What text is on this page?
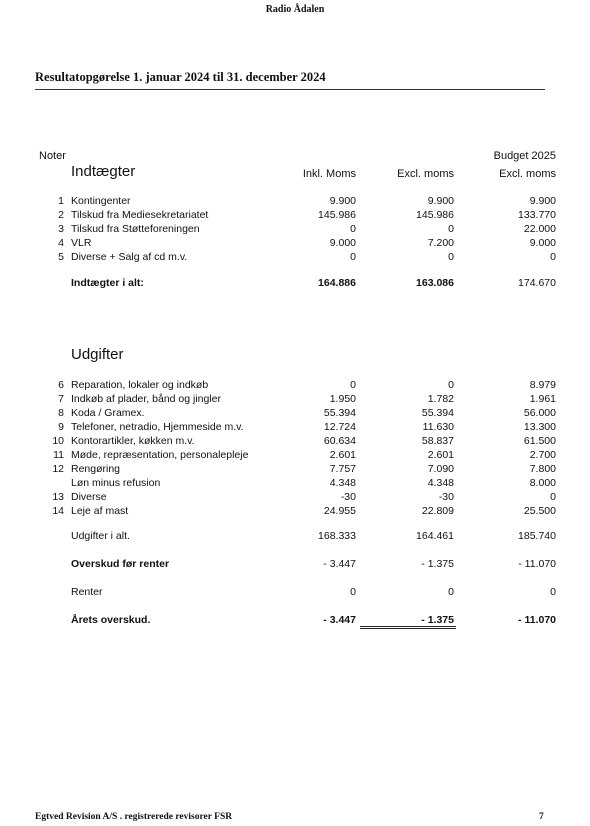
Radio Ådalen
Resultatopgørelse 1. januar 2024 til 31. december 2024
Noter	Budget 2025
Indtægter	Inkl. Moms	Excl. moms	Excl. moms
1 Kontingenter	9.900	9.900	9.900
2 Tilskud fra Mediesekretariatet	145.986	145.986	133.770
3 Tilskud fra Støtteforeningen	0	0	22.000
4 VLR	9.000	7.200	9.000
5 Diverse + Salg af cd m.v.	0	0	0
Indtægter i alt:	164.886	163.086	174.670
Udgifter
6 Reparation, lokaler og indkøb	0	0	8.979
7 Indkøb af plader, bånd og jingler	1.950	1.782	1.961
8 Koda / Gramex.	55.394	55.394	56.000
9 Telefoner, netradio, Hjemmeside m.v.	12.724	11.630	13.300
10 Kontorartikler, køkken m.v.	60.634	58.837	61.500
11 Møde, repræsentation, personalepleje	2.601	2.601	2.700
12 Rengøring	7.757	7.090	7.800
Løn minus refusion	4.348	4.348	8.000
13 Diverse	-30	-30	0
14 Leje af mast	24.955	22.809	25.500
Udgifter i alt.	168.333	164.461	185.740
Overskud før renter	- 3.447	- 1.375	- 11.070
Renter	0	0	0
Årets overskud.	- 3.447	- 1.375	- 11.070
Egtved Revision A/S . registrerede revisorer FSR	7
